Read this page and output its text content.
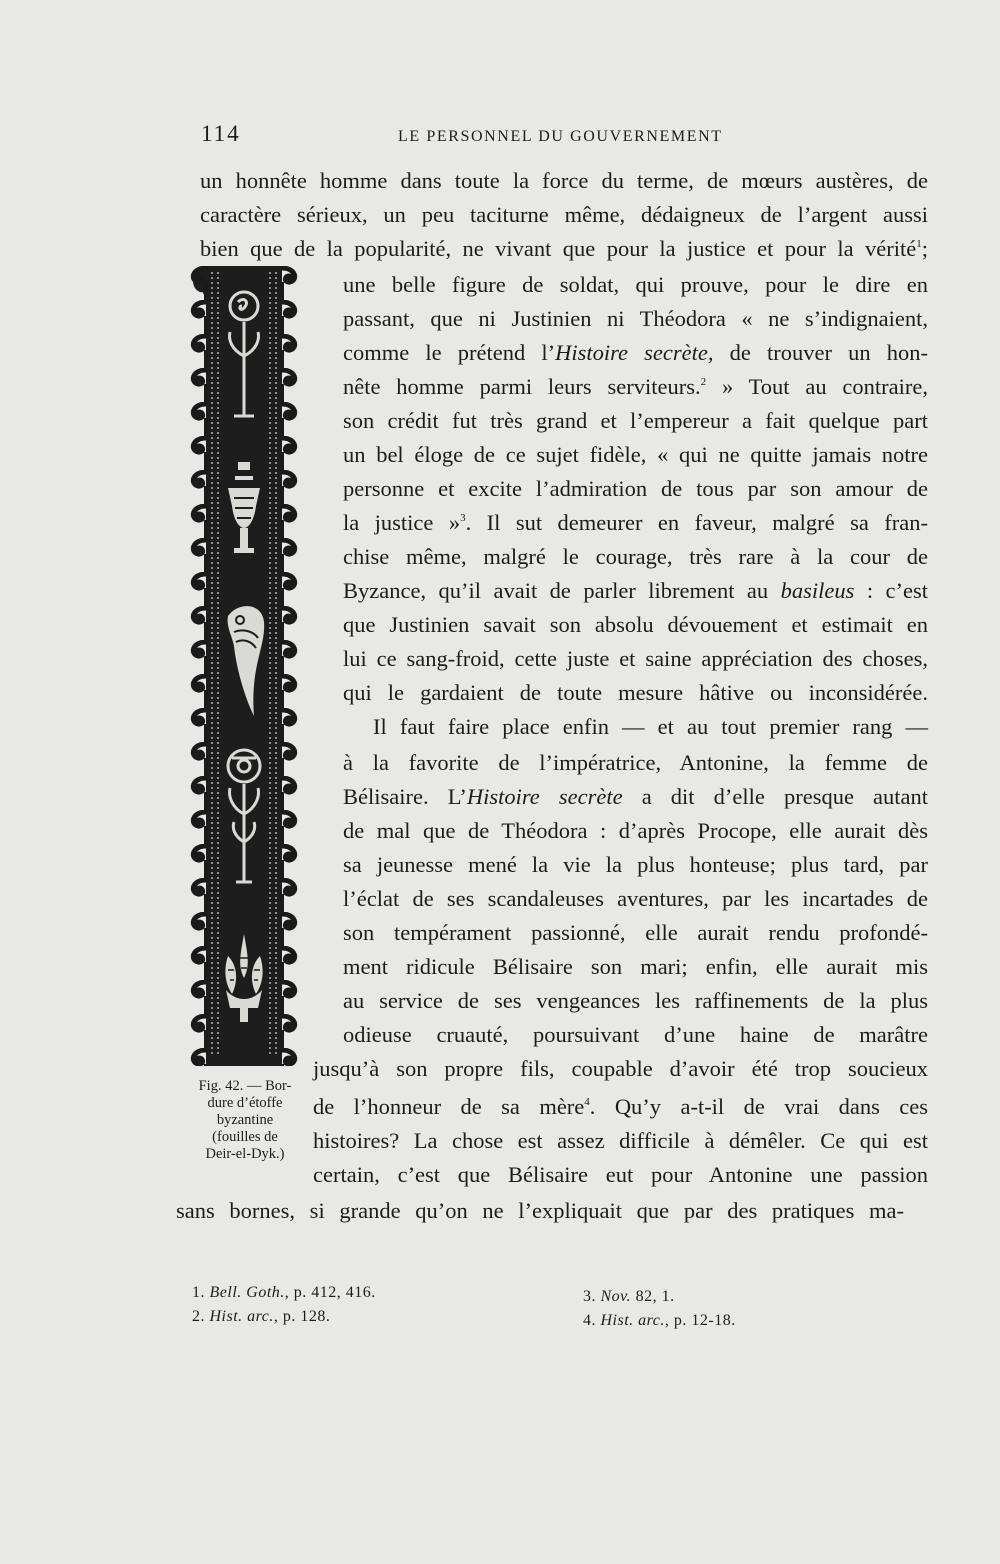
114	LE PERSONNEL DU GOUVERNEMENT
un honnête homme dans toute la force du terme, de mœurs austères, de
caractère sérieux, un peu taciturne même, dédaigneux de l’argent aussi
bien que de la popularité, ne vivant que pour la justice et pour la vérité$^1$;
une belle figure de soldat, qui prouve, pour le dire en
passant, que ni Justinien ni Théodora « ne s’indignaient,
comme le prétend l’Histoire secrète, de trouver un hon-
nête homme parmi leurs serviteurs.$^2$ » Tout au contraire,
son crédit fut très grand et l’empereur a fait quelque part
un bel éloge de ce sujet fidèle, « qui ne quitte jamais notre
personne et excite l’admiration de tous par son amour de
la justice »$^3$. Il sut demeurer en faveur, malgré sa fran-
chise même, malgré le courage, très rare à la cour de
Byzance, qu’il avait de parler librement au basileus : c’est
que Justinien savait son absolu dévouement et estimait en
lui ce sang-froid, cette juste et saine appréciation des choses,
qui le gardaient de toute mesure hâtive ou inconsidérée.
Il faut faire place enfin — et au tout premier rang —
à la favorite de l’impératrice, Antonine, la femme de
Bélisaire. L’Histoire secrète a dit d’elle presque autant
de mal que de Théodora : d’après Procope, elle aurait dès
sa jeunesse mené la vie la plus honteuse; plus tard, par
l’éclat de ses scandaleuses aventures, par les incartades de
son tempérament passionné, elle aurait rendu profondé-
ment ridicule Bélisaire son mari; enfin, elle aurait mis
au service de ses vengeances les raffinements de la plus
odieuse cruauté, poursuivant d’une haine de marâtre
jusqu’à son propre fils, coupable d’avoir été trop soucieux
de l’honneur de sa mère$^4$. Qu’y a-t-il de vrai dans ces
histoires? La chose est assez difficile à démêler. Ce qui est
certain, c’est que Bélisaire eut pour Antonine une passion
sans bornes, si grande qu’on ne l’expliquait que par des pratiques ma-
Fig. 42. — Bor-
dure d’étoffe
byzantine
(fouilles de
Deir-el-Dyk.)
1. Bell. Goth., p. 412, 416.
2. Hist. arc., p. 128.
3. Nov. 82, 1.
4. Hist. arc., p. 12-18.
